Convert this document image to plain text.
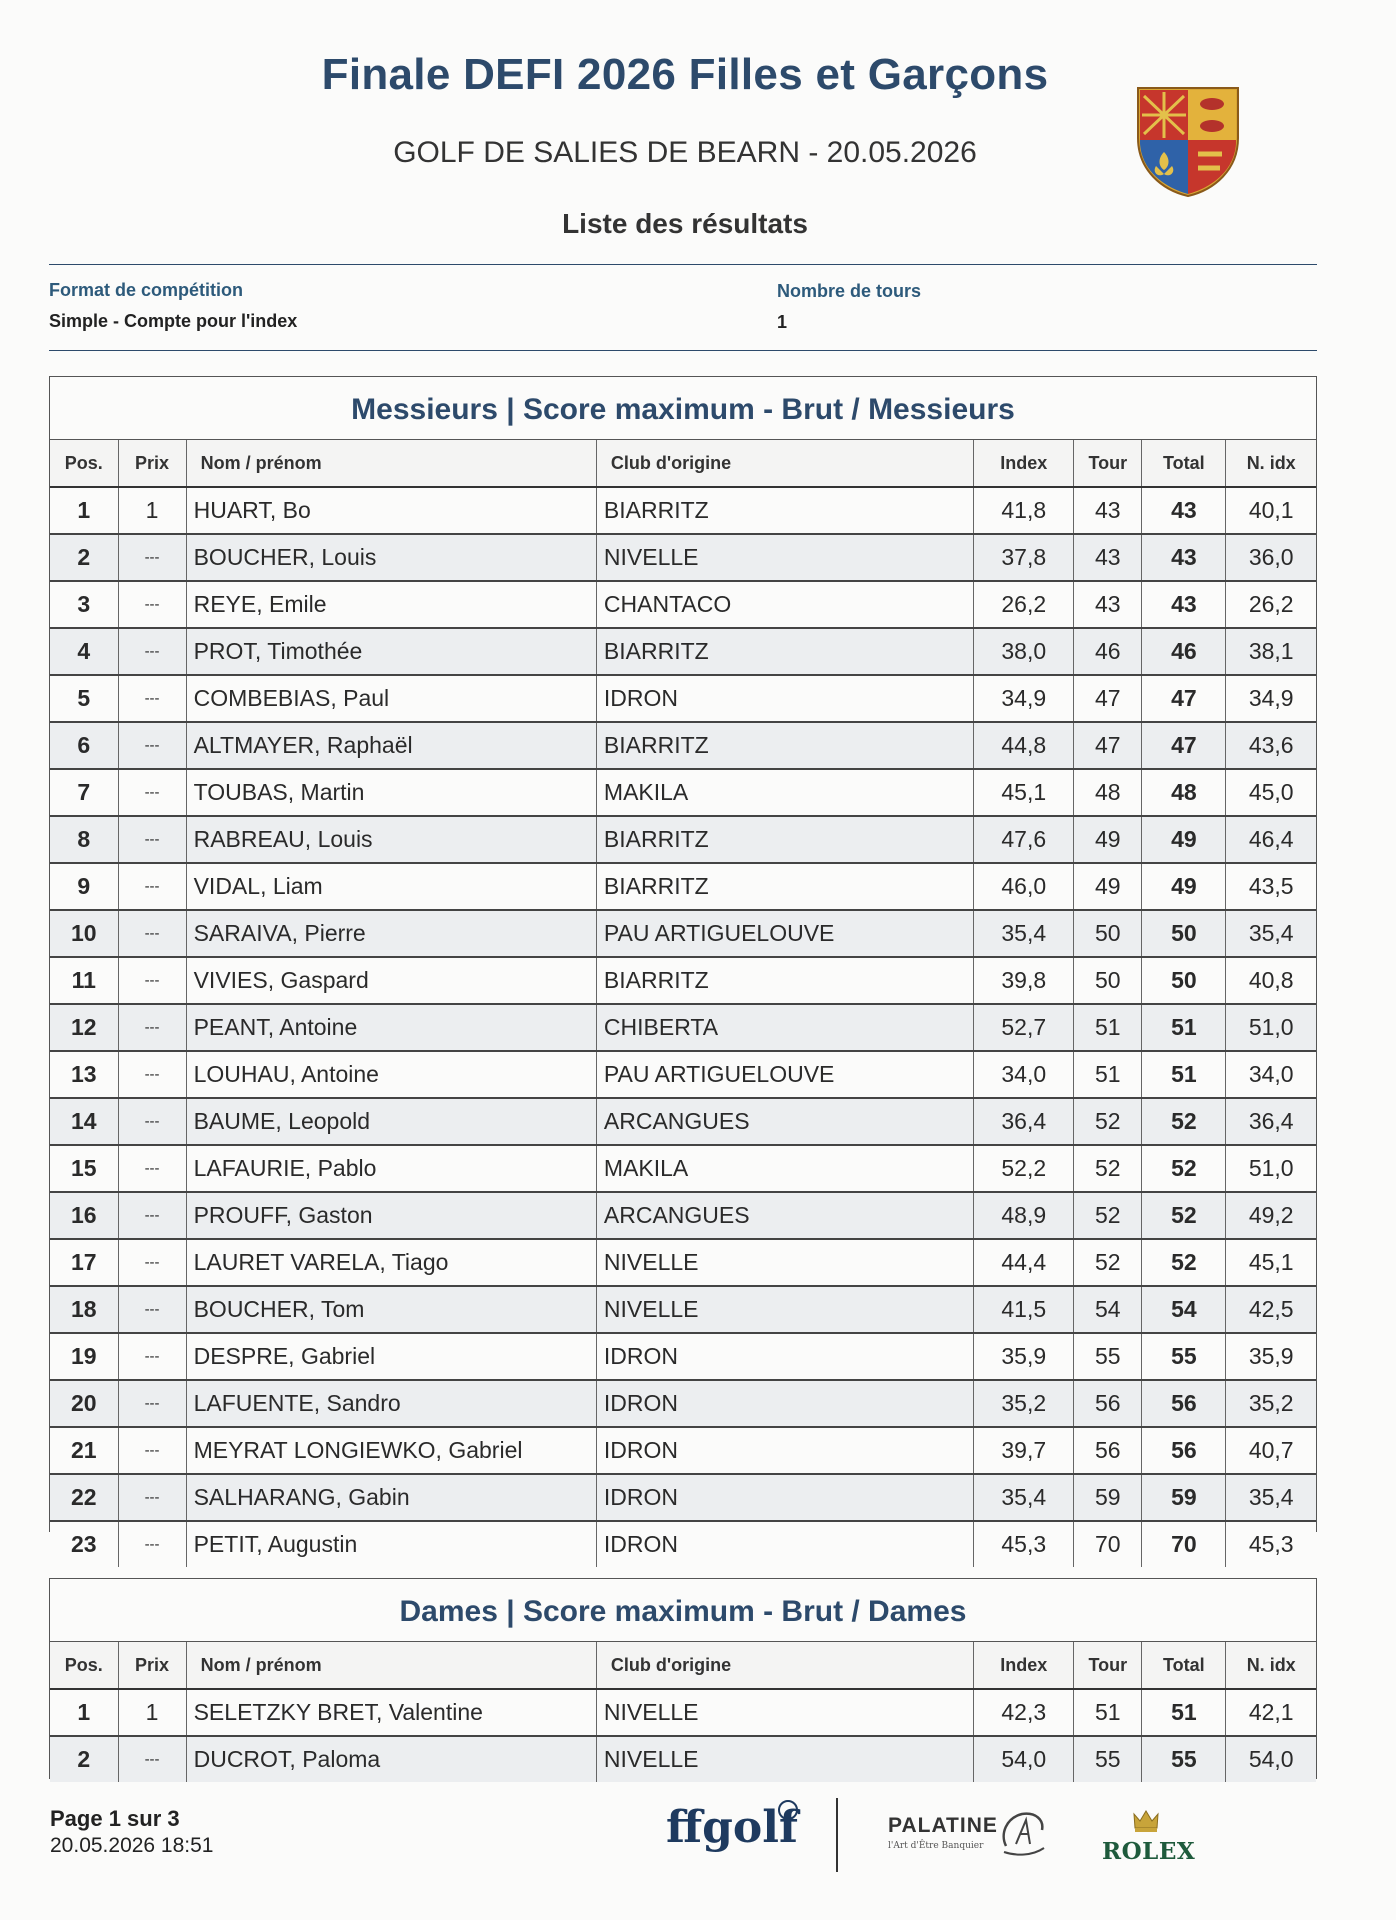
Finale DEFI 2026 Filles et Garçons
GOLF DE SALIES DE BEARN - 20.05.2026
Liste des résultats
Format de compétition
Simple - Compte pour l'index
Nombre de tours
1
Messieurs | Score maximum - Brut / Messieurs
Pos.	Prix	Nom / prénom	Club d'origine	Index	Tour	Total	N. idx
1	1	HUART, Bo	BIARRITZ	41,8	43	43	40,1
2	---	BOUCHER, Louis	NIVELLE	37,8	43	43	36,0
3	---	REYE, Emile	CHANTACO	26,2	43	43	26,2
4	---	PROT, Timothée	BIARRITZ	38,0	46	46	38,1
5	---	COMBEBIAS, Paul	IDRON	34,9	47	47	34,9
6	---	ALTMAYER, Raphaël	BIARRITZ	44,8	47	47	43,6
7	---	TOUBAS, Martin	MAKILA	45,1	48	48	45,0
8	---	RABREAU, Louis	BIARRITZ	47,6	49	49	46,4
9	---	VIDAL, Liam	BIARRITZ	46,0	49	49	43,5
10	---	SARAIVA, Pierre	PAU ARTIGUELOUVE	35,4	50	50	35,4
11	---	VIVIES, Gaspard	BIARRITZ	39,8	50	50	40,8
12	---	PEANT, Antoine	CHIBERTA	52,7	51	51	51,0
13	---	LOUHAU, Antoine	PAU ARTIGUELOUVE	34,0	51	51	34,0
14	---	BAUME, Leopold	ARCANGUES	36,4	52	52	36,4
15	---	LAFAURIE, Pablo	MAKILA	52,2	52	52	51,0
16	---	PROUFF, Gaston	ARCANGUES	48,9	52	52	49,2
17	---	LAURET VARELA, Tiago	NIVELLE	44,4	52	52	45,1
18	---	BOUCHER, Tom	NIVELLE	41,5	54	54	42,5
19	---	DESPRE, Gabriel	IDRON	35,9	55	55	35,9
20	---	LAFUENTE, Sandro	IDRON	35,2	56	56	35,2
21	---	MEYRAT LONGIEWKO, Gabriel	IDRON	39,7	56	56	40,7
22	---	SALHARANG, Gabin	IDRON	35,4	59	59	35,4
23	---	PETIT, Augustin	IDRON	45,3	70	70	45,3
Dames | Score maximum - Brut / Dames
Pos.	Prix	Nom / prénom	Club d'origine	Index	Tour	Total	N. idx
1	1	SELETZKY BRET, Valentine	NIVELLE	42,3	51	51	42,1
2	---	DUCROT, Paloma	NIVELLE	54,0	55	55	54,0
Page 1 sur 3
20.05.2026 18:51	ffgolf	PALATINE
l'Art d'Être Banquier	ROLEX
